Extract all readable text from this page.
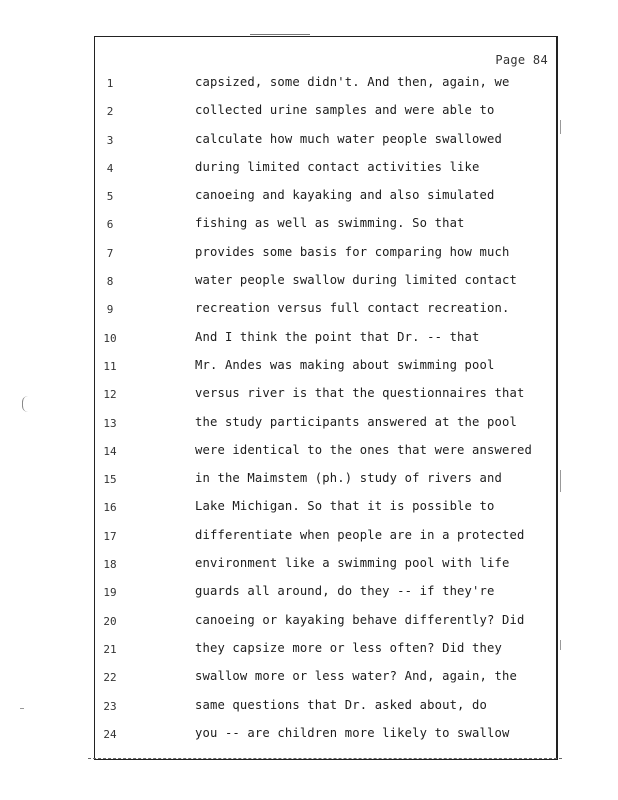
Page 84
1	capsized, some didn't. And then, again, we
2	collected urine samples and were able to
3	calculate how much water people swallowed
4	during limited contact activities like
5	canoeing and kayaking and also simulated
6	fishing as well as swimming. So that
7	provides some basis for comparing how much
8	water people swallow during limited contact
9	recreation versus full contact recreation.
10	And I think the point that Dr. -- that
11	Mr. Andes was making about swimming pool
12	versus river is that the questionnaires that
13	the study participants answered at the pool
14	were identical to the ones that were answered
15	in the Maimstem (ph.) study of rivers and
16	Lake Michigan. So that it is possible to
17	differentiate when people are in a protected
18	environment like a swimming pool with life
19	guards all around, do they -- if they're
20	canoeing or kayaking behave differently? Did
21	they capsize more or less often? Did they
22	swallow more or less water? And, again, the
23	same questions that Dr. asked about, do
24	you -- are children more likely to swallow
